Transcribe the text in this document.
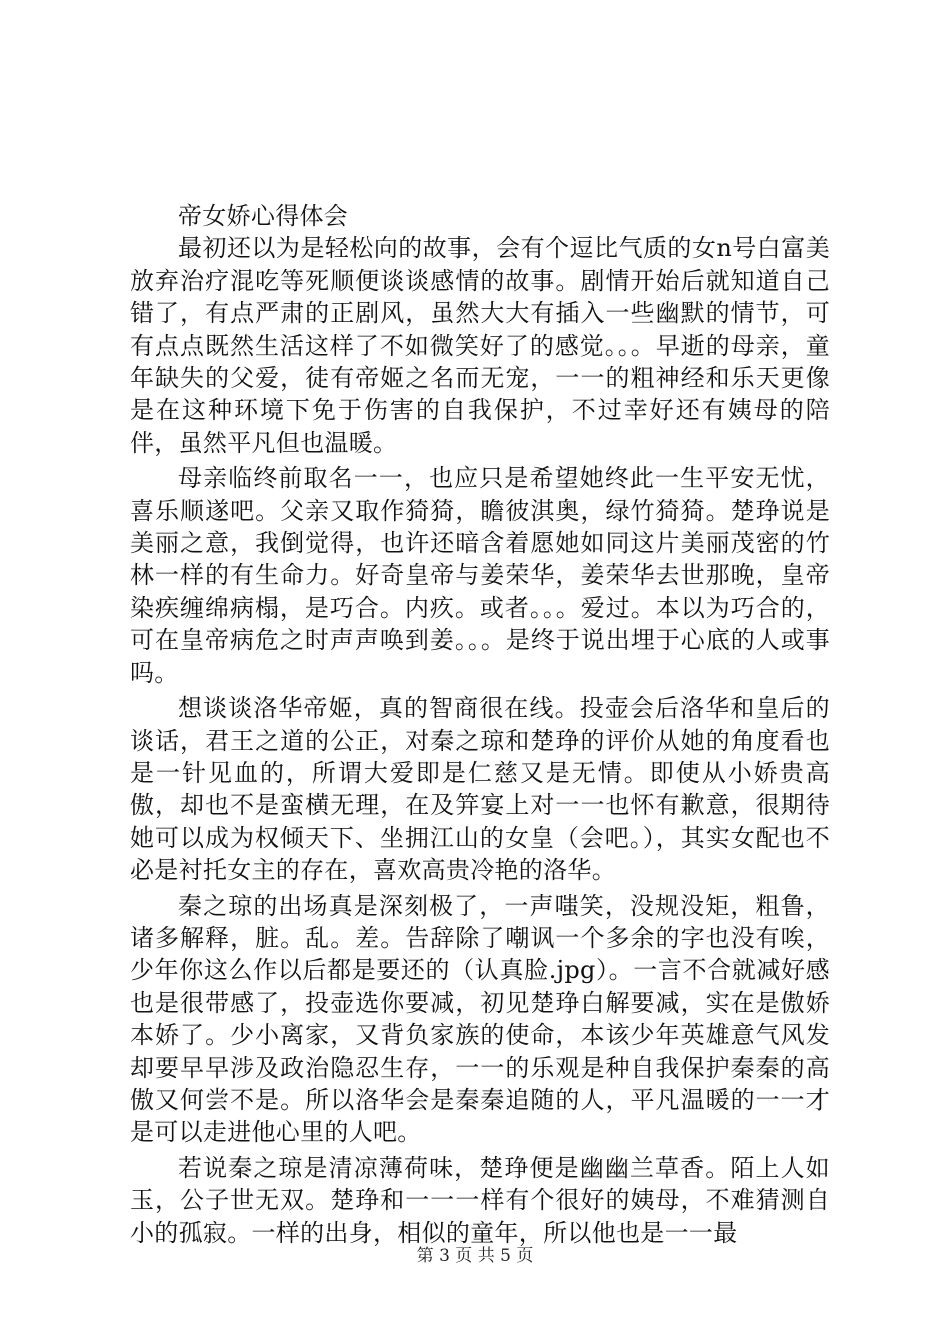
帝女娇心得体会

最初还以为是轻松向的故事，会有个逗比气质的女n号白富美放弃治疗混吃等死顺便谈谈感情的故事。剧情开始后就知道自己错了，有点严肃的正剧风，虽然大大有插入一些幽默的情节，可有点点既然生活这样了不如微笑好了的感觉。。。早逝的母亲，童年缺失的父爱，徒有帝姬之名而无宠，一一的粗神经和乐天更像是在这种环境下免于伤害的自我保护，不过幸好还有姨母的陪伴，虽然平凡但也温暖。

母亲临终前取名一一，也应只是希望她终此一生平安无忧，喜乐顺遂吧。父亲又取作猗猗，瞻彼淇奥，绿竹猗猗。楚琤说是美丽之意，我倒觉得，也许还暗含着愿她如同这片美丽茂密的竹林一样的有生命力。好奇皇帝与姜荣华，姜荣华去世那晚，皇帝染疾缠绵病榻，是巧合。内疚。或者。。。爱过。本以为巧合的，可在皇帝病危之时声声唤到姜。。。是终于说出埋于心底的人或事吗。

想谈谈洛华帝姬，真的智商很在线。投壶会后洛华和皇后的谈话，君王之道的公正，对秦之琼和楚琤的评价从她的角度看也是一针见血的，所谓大爱即是仁慈又是无情。即使从小娇贵高傲，却也不是蛮横无理，在及笄宴上对一一也怀有歉意，很期待她可以成为权倾天下、坐拥江山的女皇（会吧。），其实女配也不必是衬托女主的存在，喜欢高贵冷艳的洛华。

秦之琼的出场真是深刻极了，一声嗤笑，没规没矩，粗鲁，诸多解释，脏。乱。差。告辞除了嘲讽一个多余的字也没有唉，少年你这么作以后都是要还的（认真脸.jpg）。一言不合就减好感也是很带感了，投壶选你要减，初见楚琤白解要减，实在是傲娇本娇了。少小离家，又背负家族的使命，本该少年英雄意气风发却要早早涉及政治隐忍生存，一一的乐观是种自我保护秦秦的高傲又何尝不是。所以洛华会是秦秦追随的人，平凡温暖的一一才是可以走进他心里的人吧。

若说秦之琼是清凉薄荷味，楚琤便是幽幽兰草香。陌上人如玉，公子世无双。楚琤和一一一样有个很好的姨母，不难猜测自小的孤寂。一样的出身，相似的童年，所以他也是一一最

第 3 页 共 5 页
